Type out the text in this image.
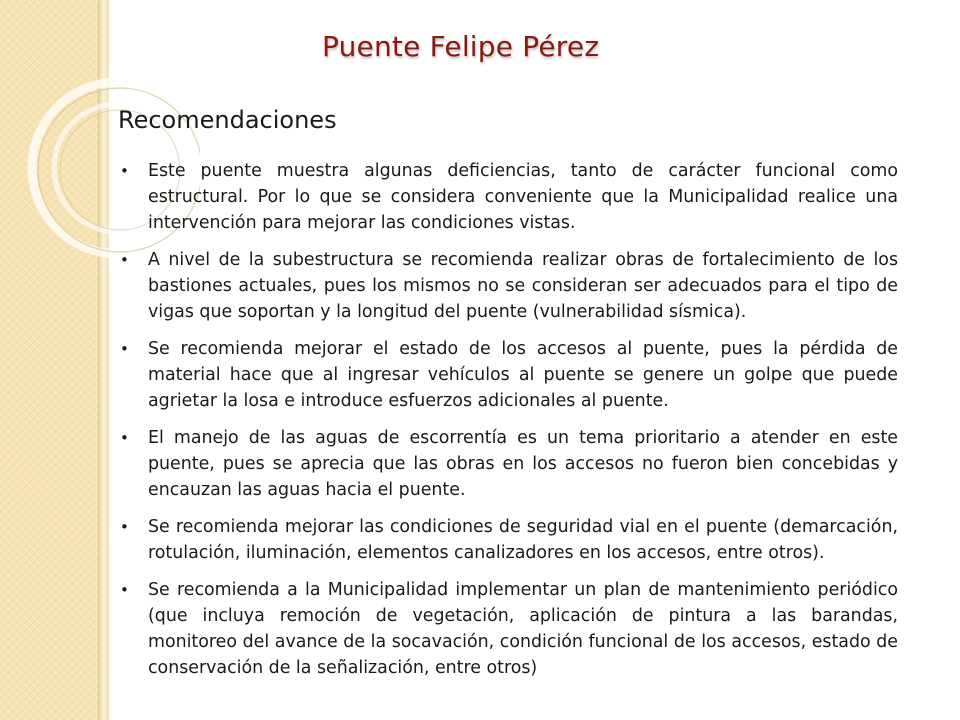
Puente Felipe Pérez
Recomendaciones
• Este puente muestra algunas deficiencias, tanto de carácter funcional como estructural. Por lo que se considera conveniente que la Municipalidad realice una intervención para mejorar las condiciones vistas.
• A nivel de la subestructura se recomienda realizar obras de fortalecimiento de los bastiones actuales, pues los mismos no se consideran ser adecuados para el tipo de vigas que soportan y la longitud del puente (vulnerabilidad sísmica).
• Se recomienda mejorar el estado de los accesos al puente, pues la pérdida de material hace que al ingresar vehículos al puente se genere un golpe que puede agrietar la losa e introduce esfuerzos adicionales al puente.
• El manejo de las aguas de escorrentía es un tema prioritario a atender en este puente, pues se aprecia que las obras en los accesos no fueron bien concebidas y encauzan las aguas hacia el puente.
• Se recomienda mejorar las condiciones de seguridad vial en el puente (demarcación, rotulación, iluminación, elementos canalizadores en los accesos, entre otros).
• Se recomienda a la Municipalidad implementar un plan de mantenimiento periódico (que incluya remoción de vegetación, aplicación de pintura a las barandas, monitoreo del avance de la socavación, condición funcional de los accesos, estado de conservación de la señalización, entre otros)
